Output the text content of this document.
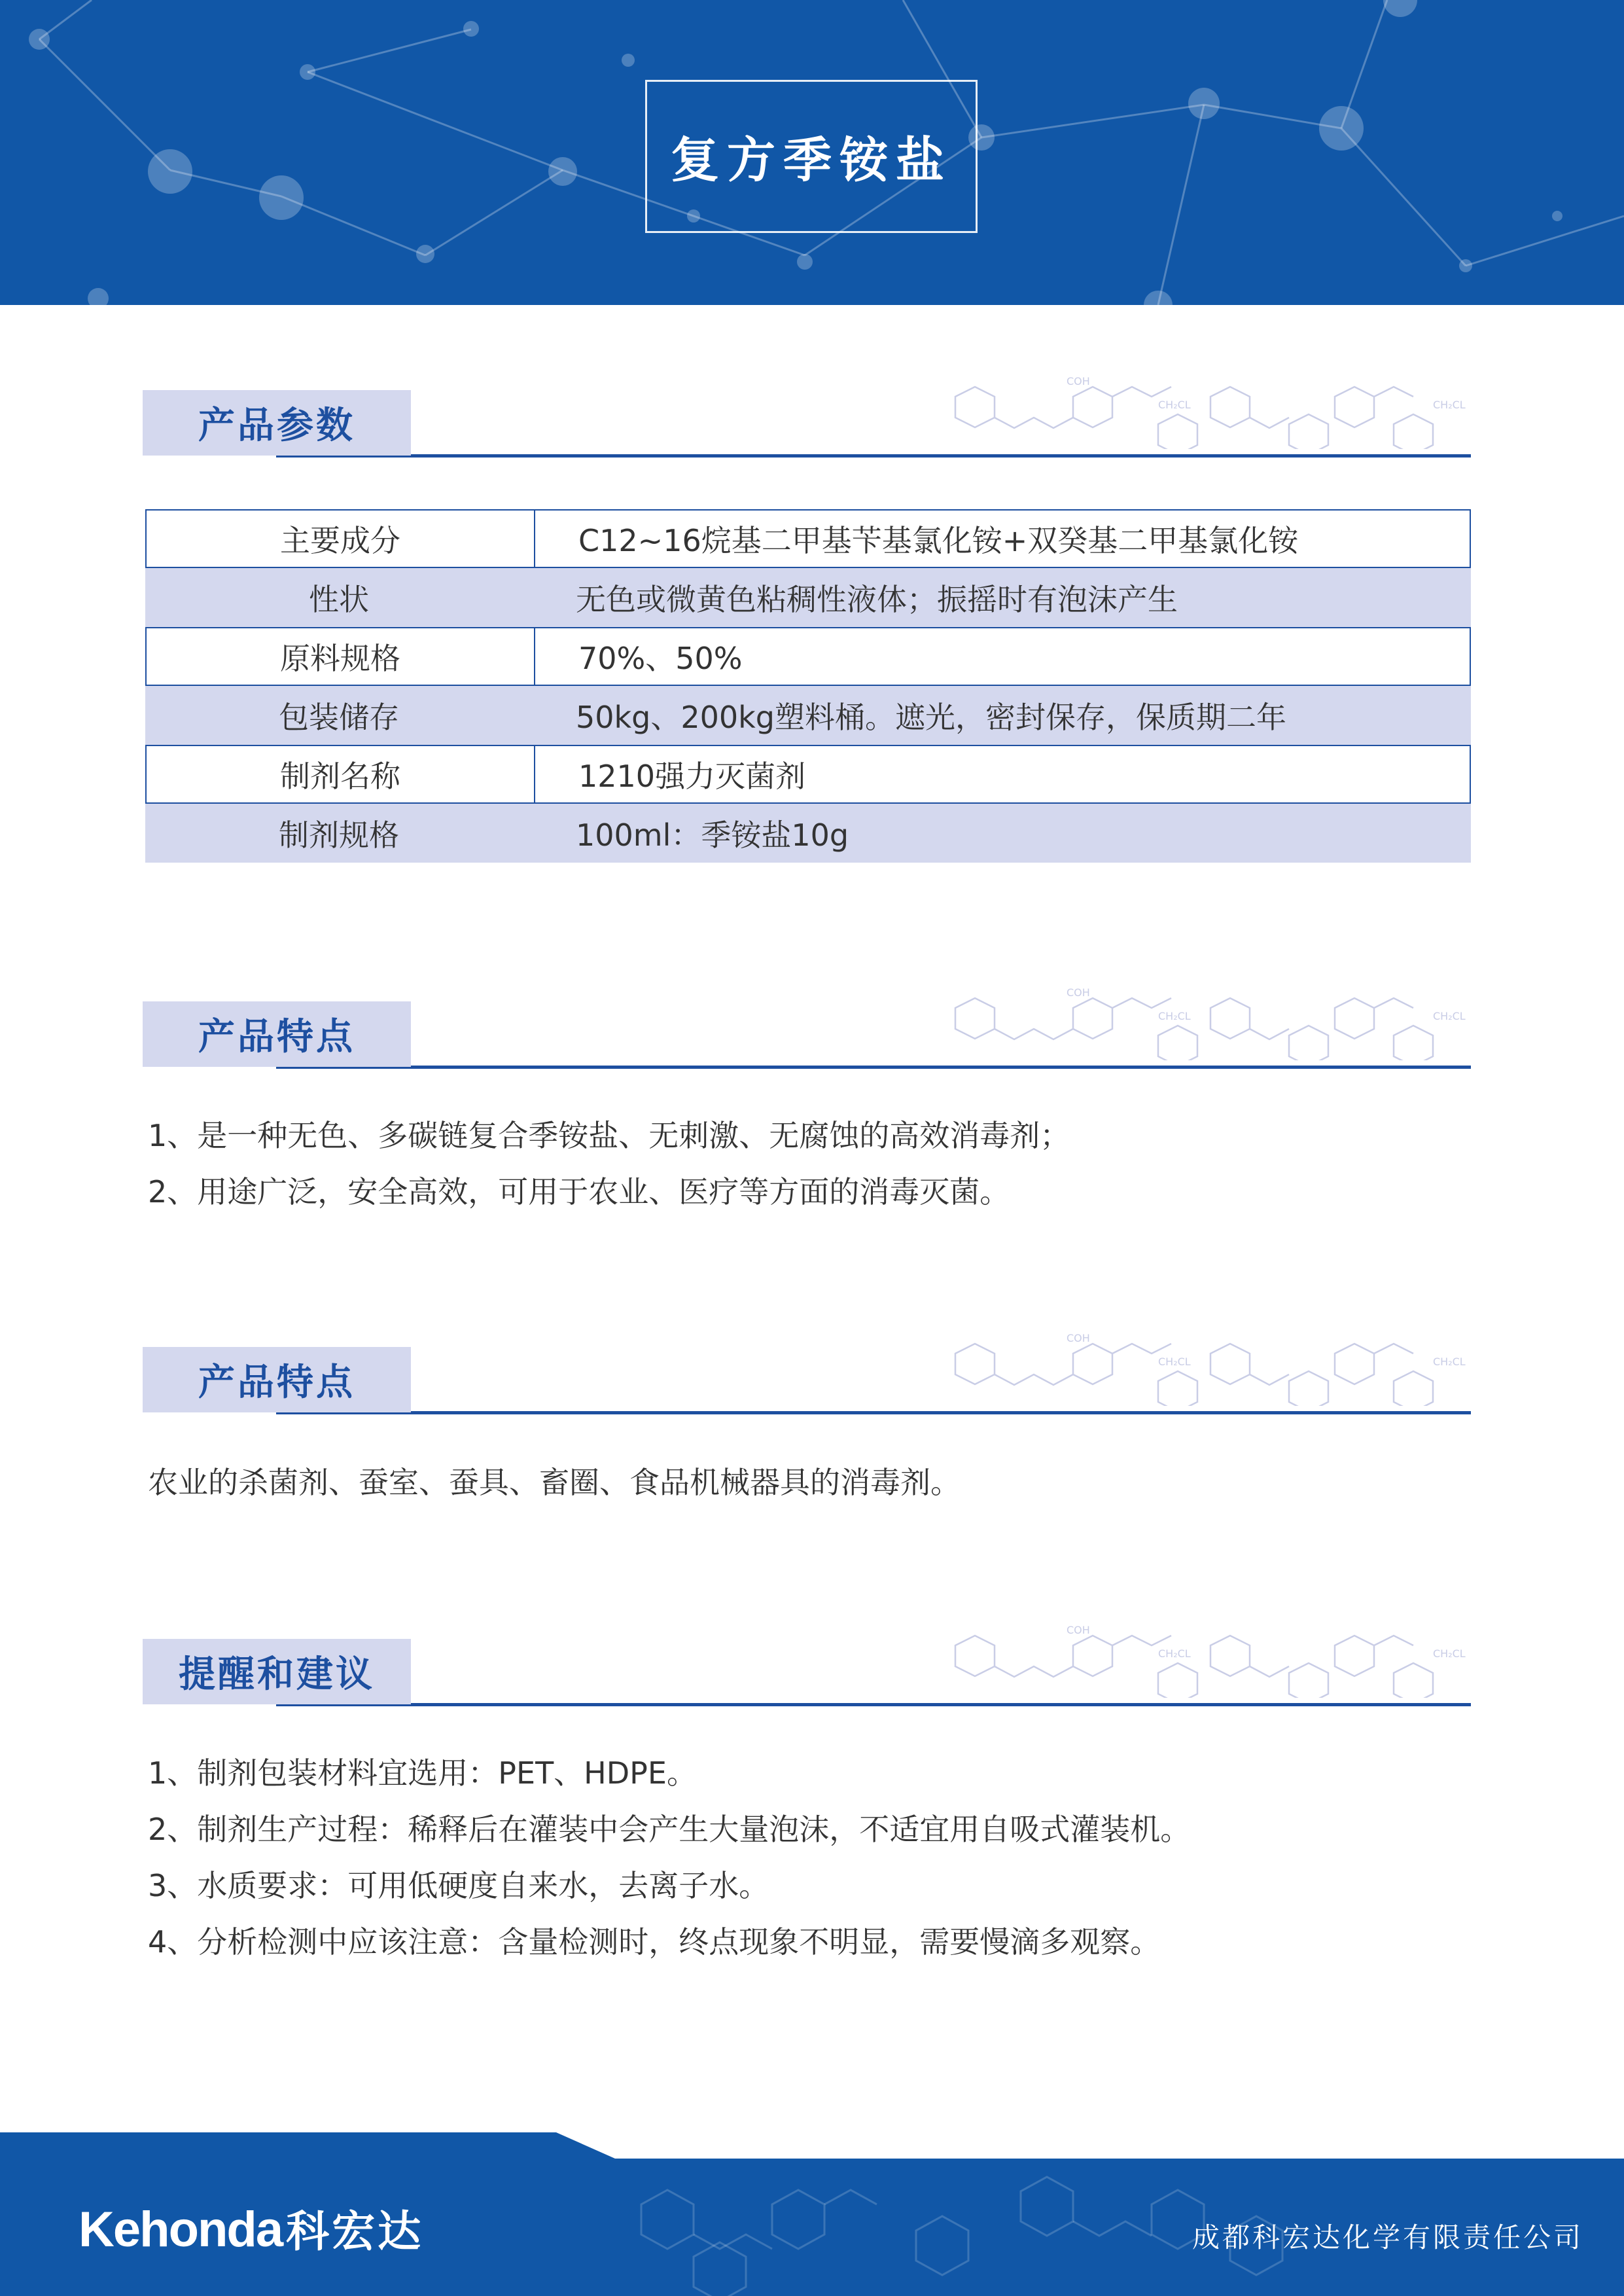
复方季铵盐
CH₂CL	CH₂CL
COH
产品参数
主要成分	C12~16烷基二甲基苄基氯化铵+双癸基二甲基氯化铵
性状	无色或微黄色粘稠性液体；振摇时有泡沫产生
原料规格	70%、50%
包装储存	50kg、200kg塑料桶。遮光，密封保存，保质期二年
制剂名称	1210强力灭菌剂
制剂规格	100ml：季铵盐10g
CH₂CL	CH₂CL
COH
产品特点
1、是一种无色、多碳链复合季铵盐、无刺激、无腐蚀的高效消毒剂；
2、用途广泛，安全高效，可用于农业、医疗等方面的消毒灭菌。
CH₂CL	CH₂CL
COH
产品特点
农业的杀菌剂、蚕室、蚕具、畜圈、食品机械器具的消毒剂。
CH₂CL	CH₂CL
COH
提醒和建议
1、制剂包装材料宜选用：PET、HDPE。
2、制剂生产过程：稀释后在灌装中会产生大量泡沫，不适宜用自吸式灌装机。
3、水质要求：可用低硬度自来水，去离子水。
4、分析检测中应该注意：含量检测时，终点现象不明显，需要慢滴多观察。
Kehonda科宏达	成都科宏达化学有限责任公司
